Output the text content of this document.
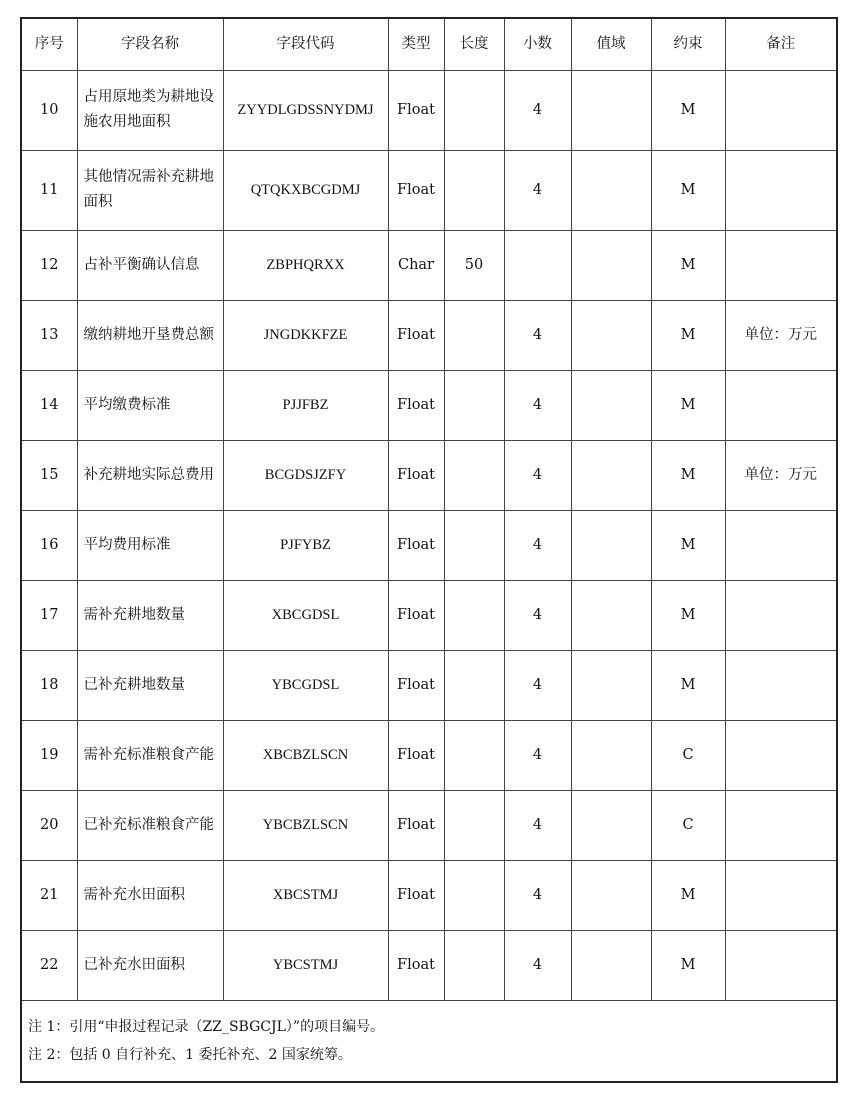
序号	字段名称	字段代码	类型	长度	小数	值域	约束	备注
10	占用原地类为耕地设施农用地面积	ZYYDLGDSSNYDMJ	Float		4		M	
11	其他情况需补充耕地面积	QTQKXBCGDMJ	Float		4		M	
12	占补平衡确认信息	ZBPHQRXX	Char	50			M	
13	缴纳耕地开垦费总额	JNGDKKFZE	Float		4		M	单位：万元
14	平均缴费标准	PJJFBZ	Float		4		M	
15	补充耕地实际总费用	BCGDSJZFY	Float		4		M	单位：万元
16	平均费用标准	PJFYBZ	Float		4		M	
17	需补充耕地数量	XBCGDSL	Float		4		M	
18	已补充耕地数量	YBCGDSL	Float		4		M	
19	需补充标准粮食产能	XBCBZLSCN	Float		4		C	
20	已补充标准粮食产能	YBCBZLSCN	Float		4		C	
21	需补充水田面积	XBCSTMJ	Float		4		M	
22	已补充水田面积	YBCSTMJ	Float		4		M	

注 1：引用“申报过程记录（ZZ_SBGCJL）”的项目编号。
注 2：包括 0 自行补充、1 委托补充、2 国家统筹。								
